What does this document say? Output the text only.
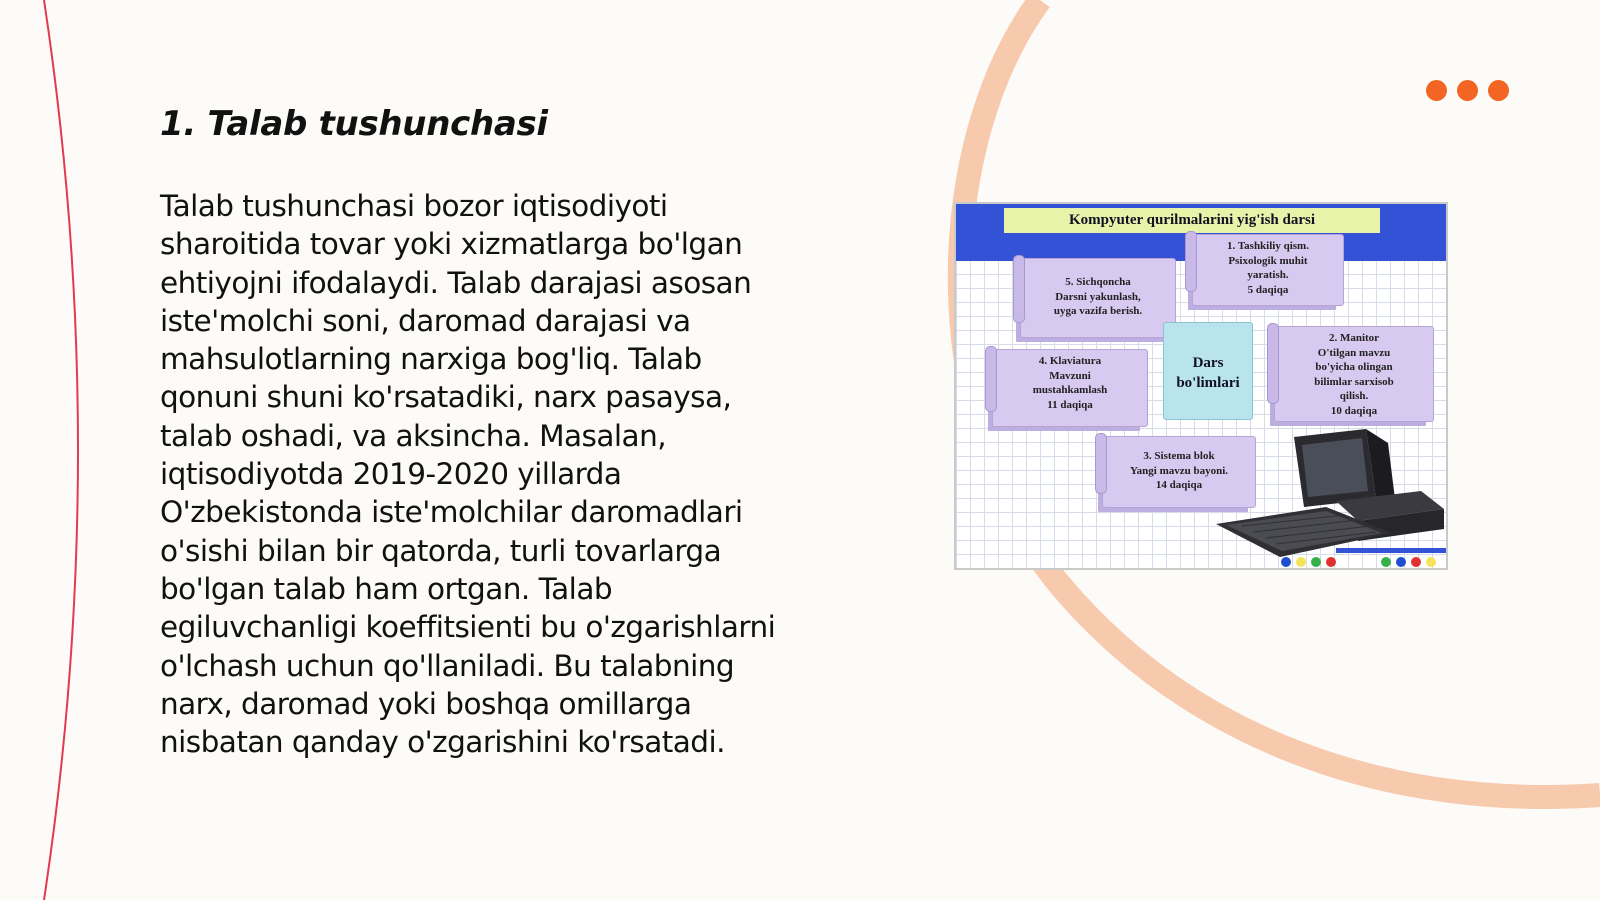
1. Talab tushunchasi

Talab tushunchasi bozor iqtisodiyoti
sharoitida tovar yoki xizmatlarga bo'lgan
ehtiyojni ifodalaydi. Talab darajasi asosan
iste'molchi soni, daromad darajasi va
mahsulotlarning narxiga bog'liq. Talab
qonuni shuni ko'rsatadiki, narx pasaysa,
talab oshadi, va aksincha. Masalan,
iqtisodiyotda 2019-2020 yillarda
O'zbekistonda iste'molchilar daromadlari
o'sishi bilan bir qatorda, turli tovarlarga
bo'lgan talab ham ortgan. Talab
egiluvchanligi koeffitsienti bu o'zgarishlarni
o'lchash uchun qo'llaniladi. Bu talabning
narx, daromad yoki boshqa omillarga
nisbatan qanday o'zgarishini ko'rsatadi.

Kompyuter qurilmalarini yig'ish darsi
5. Sichqoncha
Darsni yakunlash,
uyga vazifa berish.
1. Tashkiliy qism.
Psixologik muhit
yaratish.
5 daqiqa
Dars
bo'limlari
4. Klaviatura
Mavzuni
mustahkamlash
11 daqiqa
2. Manitor
O'tilgan mavzu
bo'yicha olingan
bilimlar sarxisob
qilish.
10 daqiqa
3. Sistema blok
Yangi mavzu bayoni.
14 daqiqa
